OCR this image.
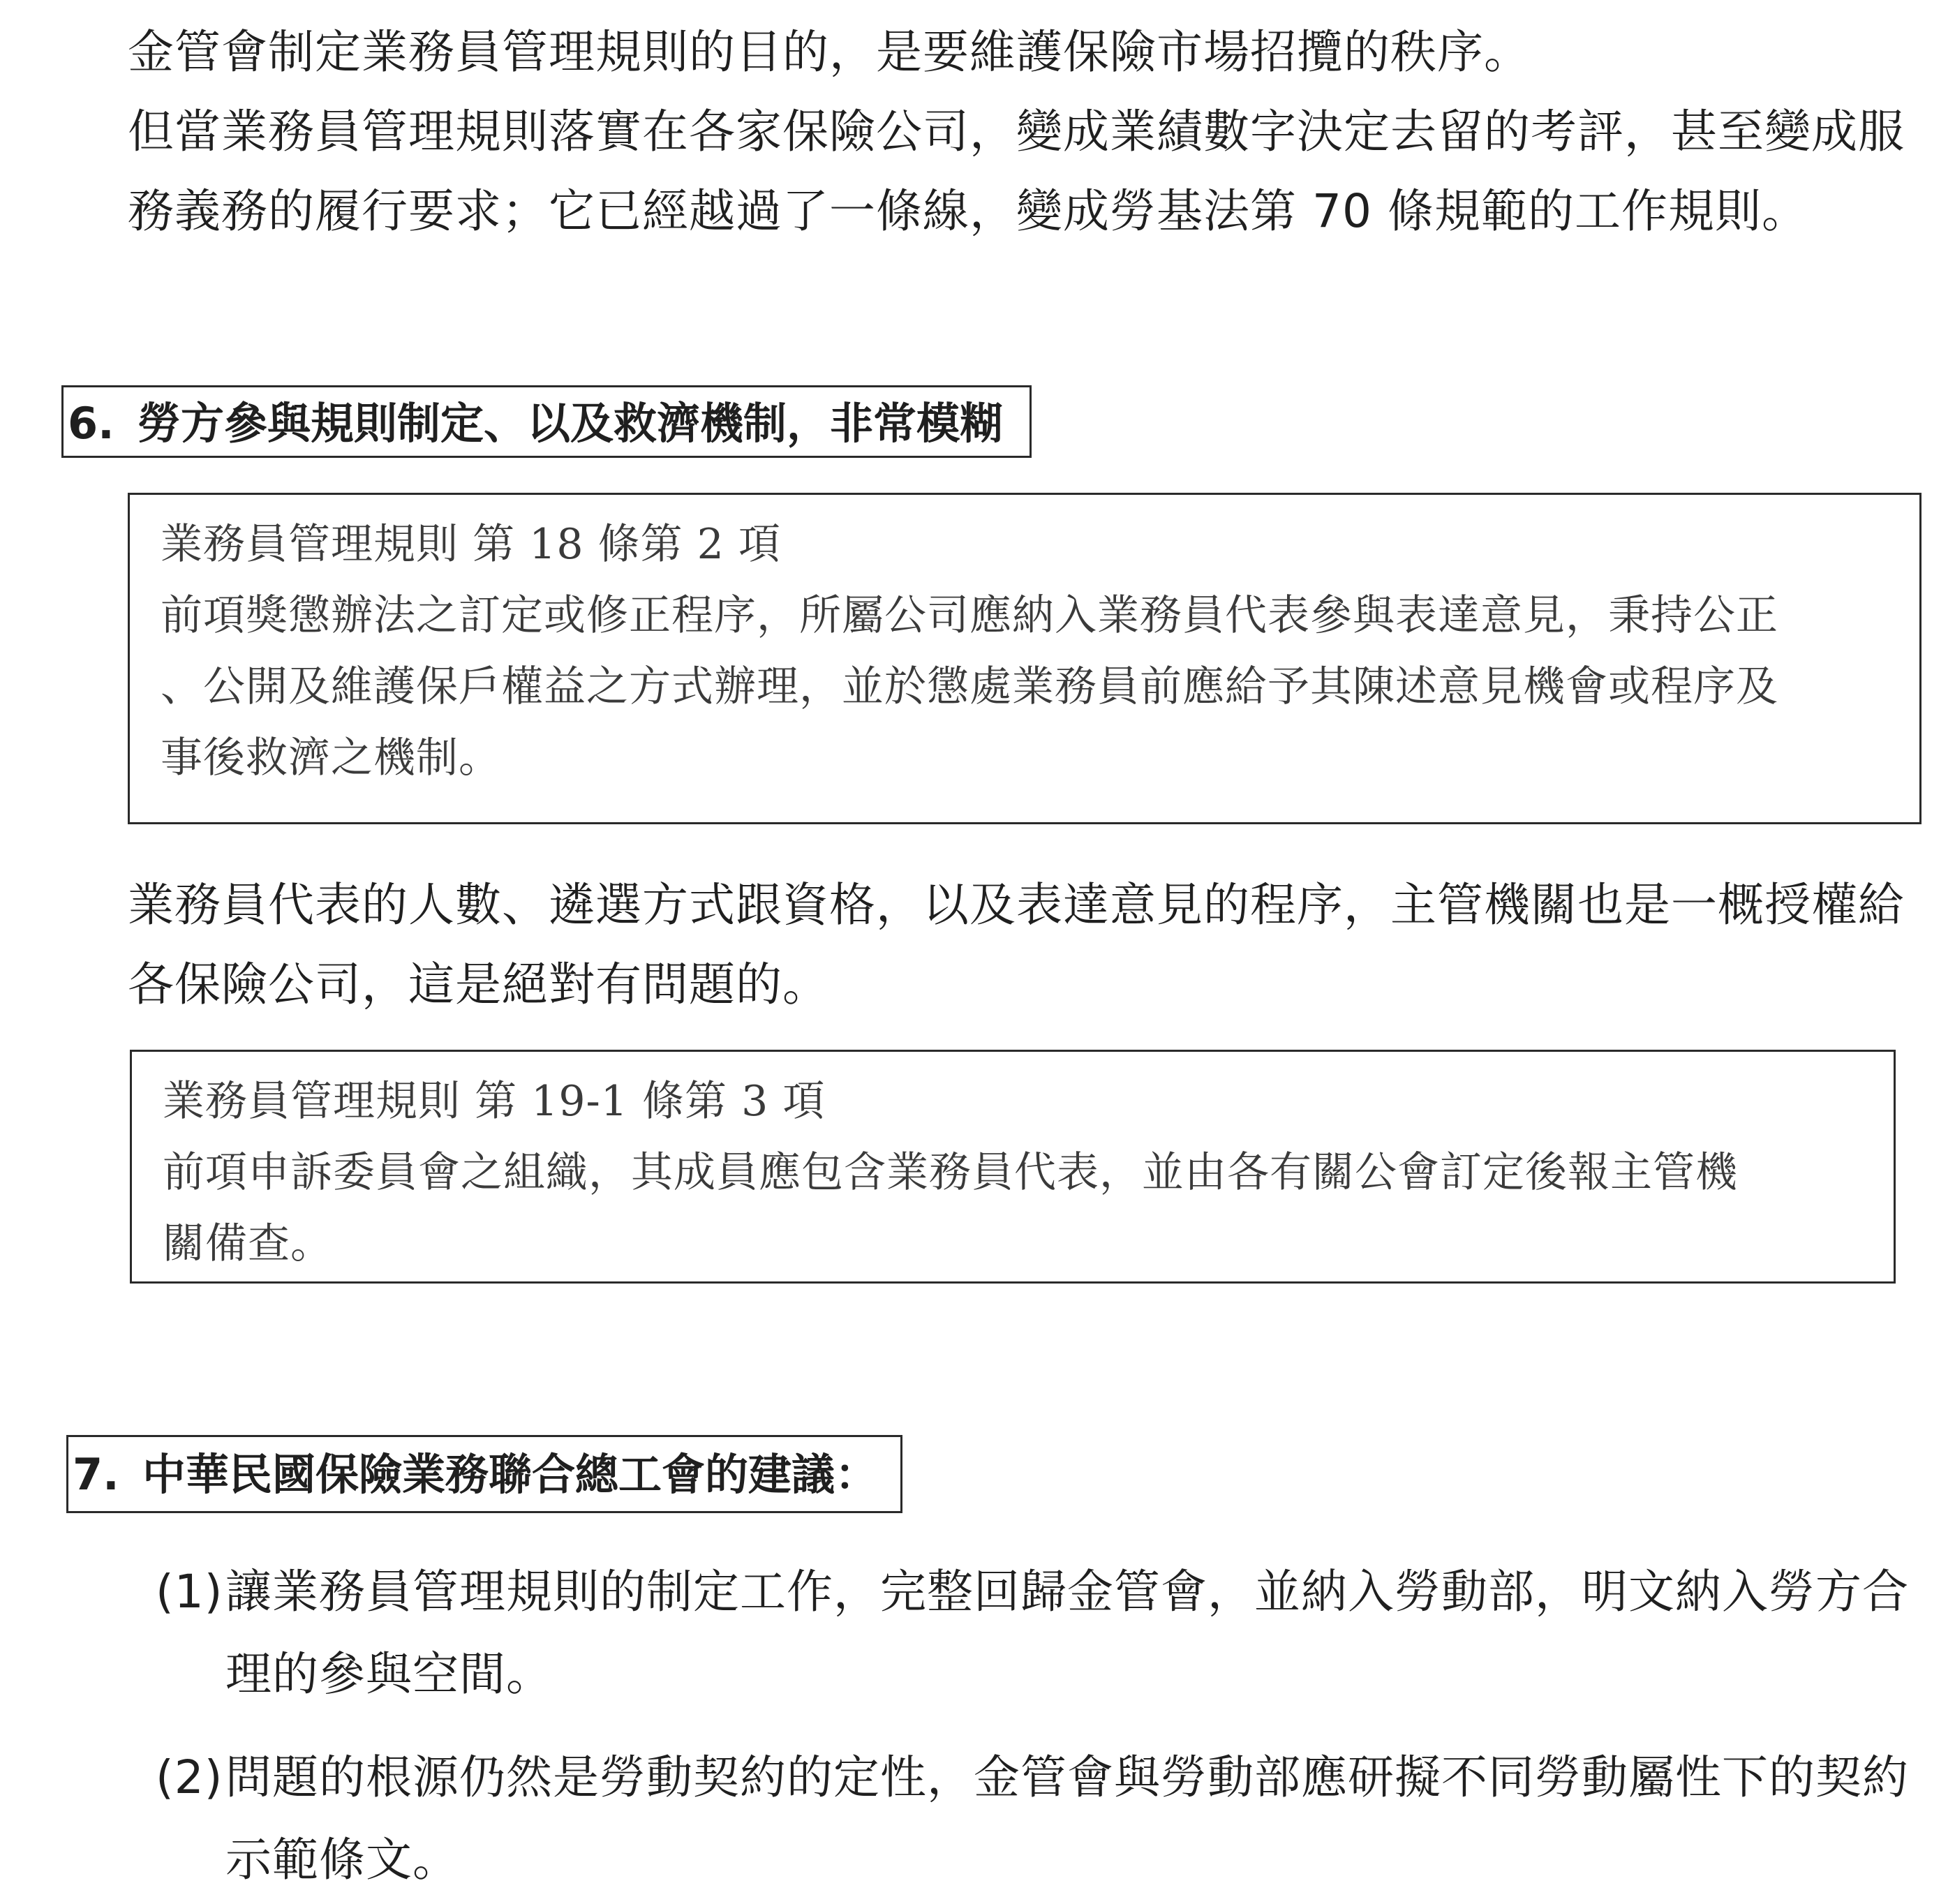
金管會制定業務員管理規則的目的，是要維護保險市場招攬的秩序。
但當業務員管理規則落實在各家保險公司，變成業績數字決定去留的考評，甚至變成服
務義務的履行要求；它已經越過了一條線，變成勞基法第 70 條規範的工作規則。
6. 勞方參與規則制定、以及救濟機制，非常模糊
業務員管理規則 第 18 條第 2 項
前項獎懲辦法之訂定或修正程序，所屬公司應納入業務員代表參與表達意見，秉持公正
、公開及維護保戶權益之方式辦理，並於懲處業務員前應給予其陳述意見機會或程序及
事後救濟之機制。
業務員代表的人數、遴選方式跟資格，以及表達意見的程序，主管機關也是一概授權給
各保險公司，這是絕對有問題的。
業務員管理規則 第 19-1 條第 3 項
前項申訴委員會之組織，其成員應包含業務員代表，並由各有關公會訂定後報主管機
關備查。
7. 中華民國保險業務聯合總工會的建議：
(1)讓業務員管理規則的制定工作，完整回歸金管會，並納入勞動部，明文納入勞方合
理的參與空間。
(2)問題的根源仍然是勞動契約的定性，金管會與勞動部應研擬不同勞動屬性下的契約
示範條文。
